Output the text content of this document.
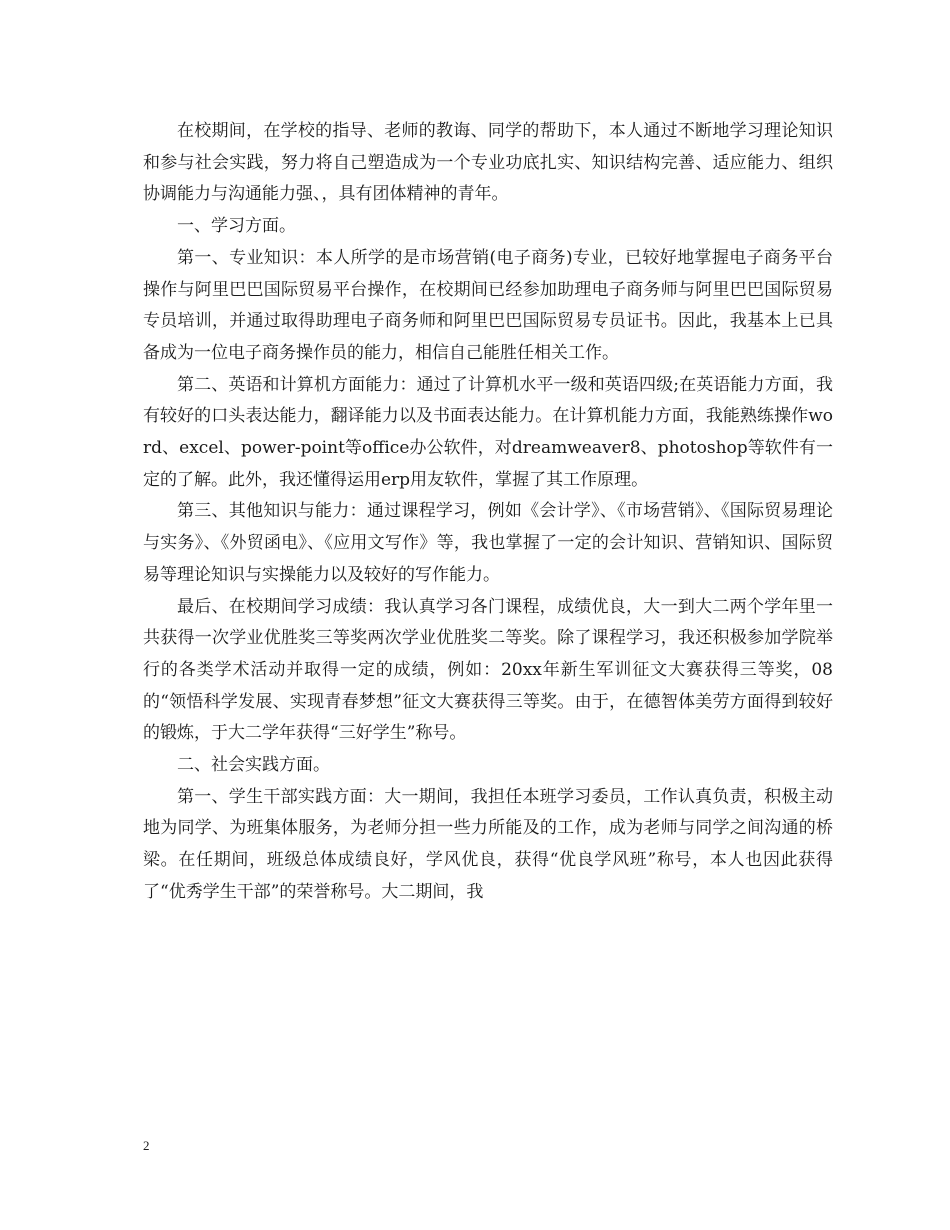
在校期间，在学校的指导、老师的教诲、同学的帮助下，本人通过不断地学习理论知识和参与社会实践，努力将自己塑造成为一个专业功底扎实、知识结构完善、适应能力、组织协调能力与沟通能力强、，具有团体精神的青年。

一、学习方面。

第一、专业知识：本人所学的是市场营销(电子商务)专业，已较好地掌握电子商务平台操作与阿里巴巴国际贸易平台操作，在校期间已经参加助理电子商务师与阿里巴巴国际贸易专员培训，并通过取得助理电子商务师和阿里巴巴国际贸易专员证书。因此，我基本上已具备成为一位电子商务操作员的能力，相信自己能胜任相关工作。

第二、英语和计算机方面能力：通过了计算机水平一级和英语四级;在英语能力方面，我有较好的口头表达能力，翻译能力以及书面表达能力。在计算机能力方面，我能熟练操作word、excel、power-point等office办公软件，对dreamweaver8、photoshop等软件有一定的了解。此外，我还懂得运用erp用友软件，掌握了其工作原理。

第三、其他知识与能力：通过课程学习，例如《会计学》、《市场营销》、《国际贸易理论与实务》、《外贸函电》、《应用文写作》等，我也掌握了一定的会计知识、营销知识、国际贸易等理论知识与实操能力以及较好的写作能力。

最后、在校期间学习成绩：我认真学习各门课程，成绩优良，大一到大二两个学年里一共获得一次学业优胜奖三等奖两次学业优胜奖二等奖。除了课程学习，我还积极参加学院举行的各类学术活动并取得一定的成绩，例如：20xx年新生军训征文大赛获得三等奖，08的“领悟科学发展、实现青春梦想”征文大赛获得三等奖。由于，在德智体美劳方面得到较好的锻炼，于大二学年获得“三好学生”称号。

二、社会实践方面。

第一、学生干部实践方面：大一期间，我担任本班学习委员，工作认真负责，积极主动地为同学、为班集体服务，为老师分担一些力所能及的工作，成为老师与同学之间沟通的桥梁。在任期间，班级总体成绩良好，学风优良，获得“优良学风班”称号，本人也因此获得了“优秀学生干部”的荣誉称号。大二期间，我

2
